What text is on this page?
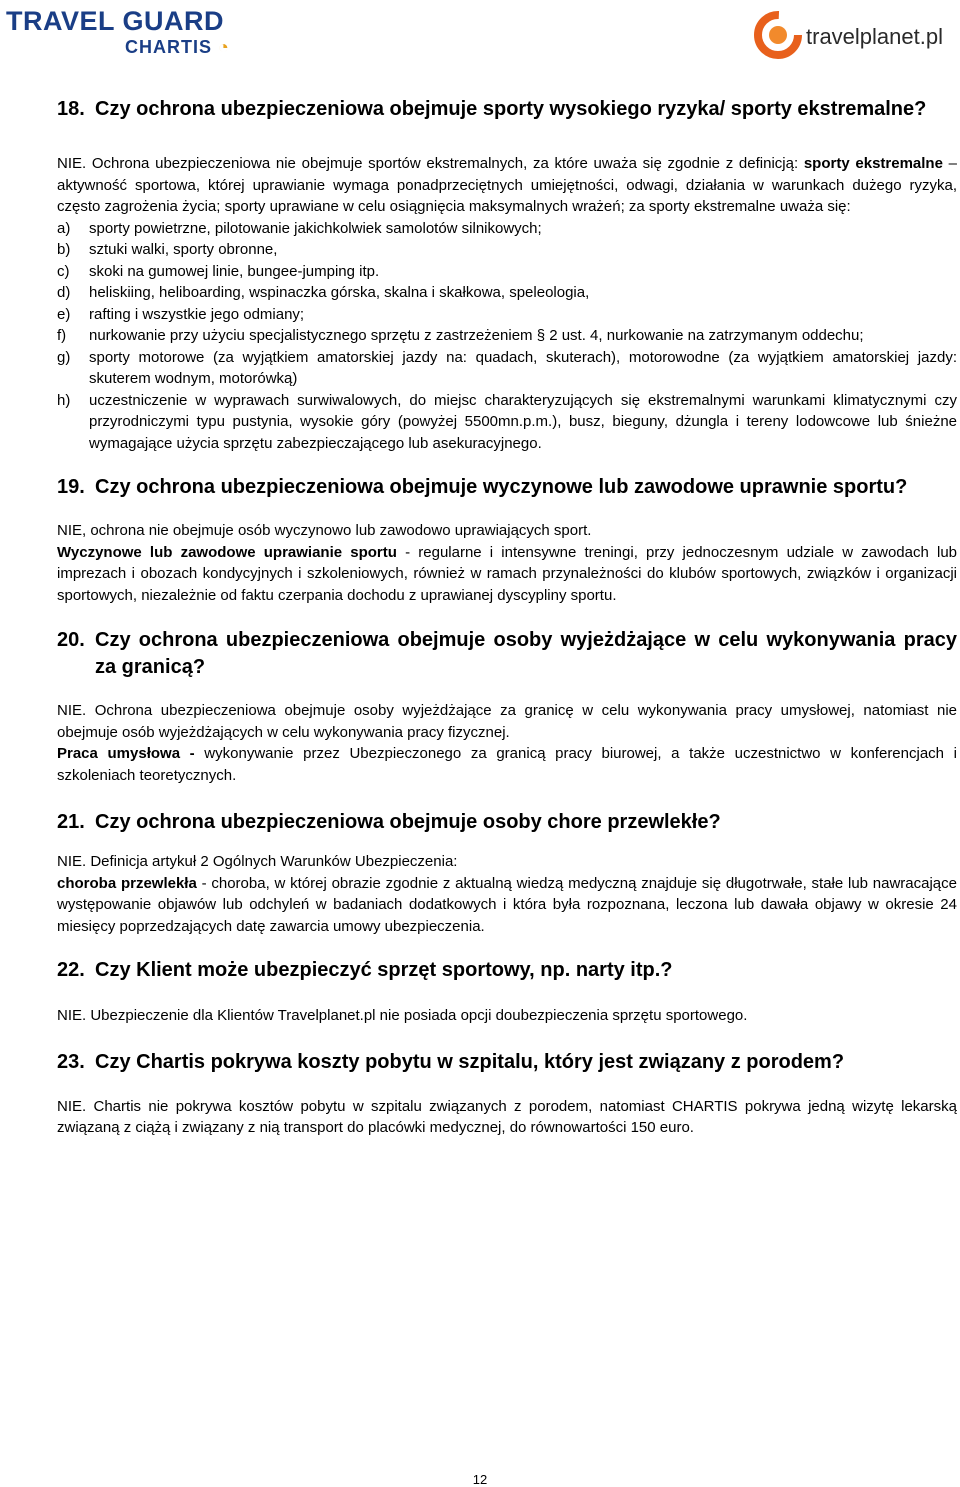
TRAVEL GUARD
CHARTIS ◔	travelplanet.pl
18. Czy ochrona ubezpieczeniowa obejmuje sporty wysokiego ryzyka/ sporty ekstremalne?

NIE. Ochrona ubezpieczeniowa nie obejmuje sportów ekstremalnych, za które uważa się zgodnie z definicją: sporty ekstremalne – aktywność sportowa, której uprawianie wymaga ponadprzeciętnych umiejętności, odwagi, działania w warunkach dużego ryzyka, często zagrożenia życia; sporty uprawiane w celu osiągnięcia maksymalnych wrażeń; za sporty ekstremalne uważa się:

a)	sporty powietrzne, pilotowanie jakichkolwiek samolotów silnikowych;
b)	sztuki walki, sporty obronne,
c)	skoki na gumowej linie, bungee-jumping itp.
d)	heliskiing, heliboarding, wspinaczka górska, skalna i skałkowa, speleologia,
e)	rafting i wszystkie jego odmiany;
f)	nurkowanie przy użyciu specjalistycznego sprzętu z zastrzeżeniem § 2 ust. 4, nurkowanie na zatrzymanym oddechu;
g)	sporty motorowe (za wyjątkiem amatorskiej jazdy na: quadach, skuterach), motorowodne (za wyjątkiem amatorskiej jazdy: skuterem wodnym, motorówką)
h)	uczestniczenie w wyprawach surwiwalowych, do miejsc charakteryzujących się ekstremalnymi warunkami klimatycznymi czy przyrodniczymi typu pustynia, wysokie góry (powyżej 5500mn.p.m.), busz, bieguny, dżungla i tereny lodowcowe lub śnieżne wymagające użycia sprzętu zabezpieczającego lub asekuracyjnego.
19. Czy ochrona ubezpieczeniowa obejmuje wyczynowe lub zawodowe uprawnie sportu?

NIE, ochrona nie obejmuje osób wyczynowo lub zawodowo uprawiających sport.

Wyczynowe lub zawodowe uprawianie sportu - regularne i intensywne treningi, przy jednoczesnym udziale w zawodach lub imprezach i obozach kondycyjnych i szkoleniowych, również w ramach przynależności do klubów sportowych, związków i organizacji sportowych, niezależnie od faktu czerpania dochodu z uprawianej dyscypliny sportu.

20. Czy ochrona ubezpieczeniowa obejmuje osoby wyjeżdżające w celu wykonywania pracy za granicą?

NIE. Ochrona ubezpieczeniowa obejmuje osoby wyjeżdżające za granicę w celu wykonywania pracy umysłowej, natomiast nie obejmuje osób wyjeżdżających w celu wykonywania pracy fizycznej.

Praca umysłowa - wykonywanie przez Ubezpieczonego za granicą pracy biurowej, a także uczestnictwo w konferencjach i szkoleniach teoretycznych.

21. Czy ochrona ubezpieczeniowa obejmuje osoby chore przewlekłe?

NIE. Definicja artykuł 2 Ogólnych Warunków Ubezpieczenia:

choroba przewlekła - choroba, w której obrazie zgodnie z aktualną wiedzą medyczną znajduje się długotrwałe, stałe lub nawracające występowanie objawów lub odchyleń w badaniach dodatkowych i która była rozpoznana, leczona lub dawała objawy w okresie 24 miesięcy poprzedzających datę zawarcia umowy ubezpieczenia.

22. Czy Klient może ubezpieczyć sprzęt sportowy, np. narty itp.?

NIE. Ubezpieczenie dla Klientów Travelplanet.pl nie posiada opcji doubezpieczenia sprzętu sportowego.

23. Czy Chartis pokrywa koszty pobytu w szpitalu, który jest związany z porodem?

NIE. Chartis nie pokrywa kosztów pobytu w szpitalu związanych z porodem, natomiast CHARTIS pokrywa jedną wizytę lekarską związaną z ciążą i związany z nią transport do placówki medycznej, do równowartości 150 euro.

12
